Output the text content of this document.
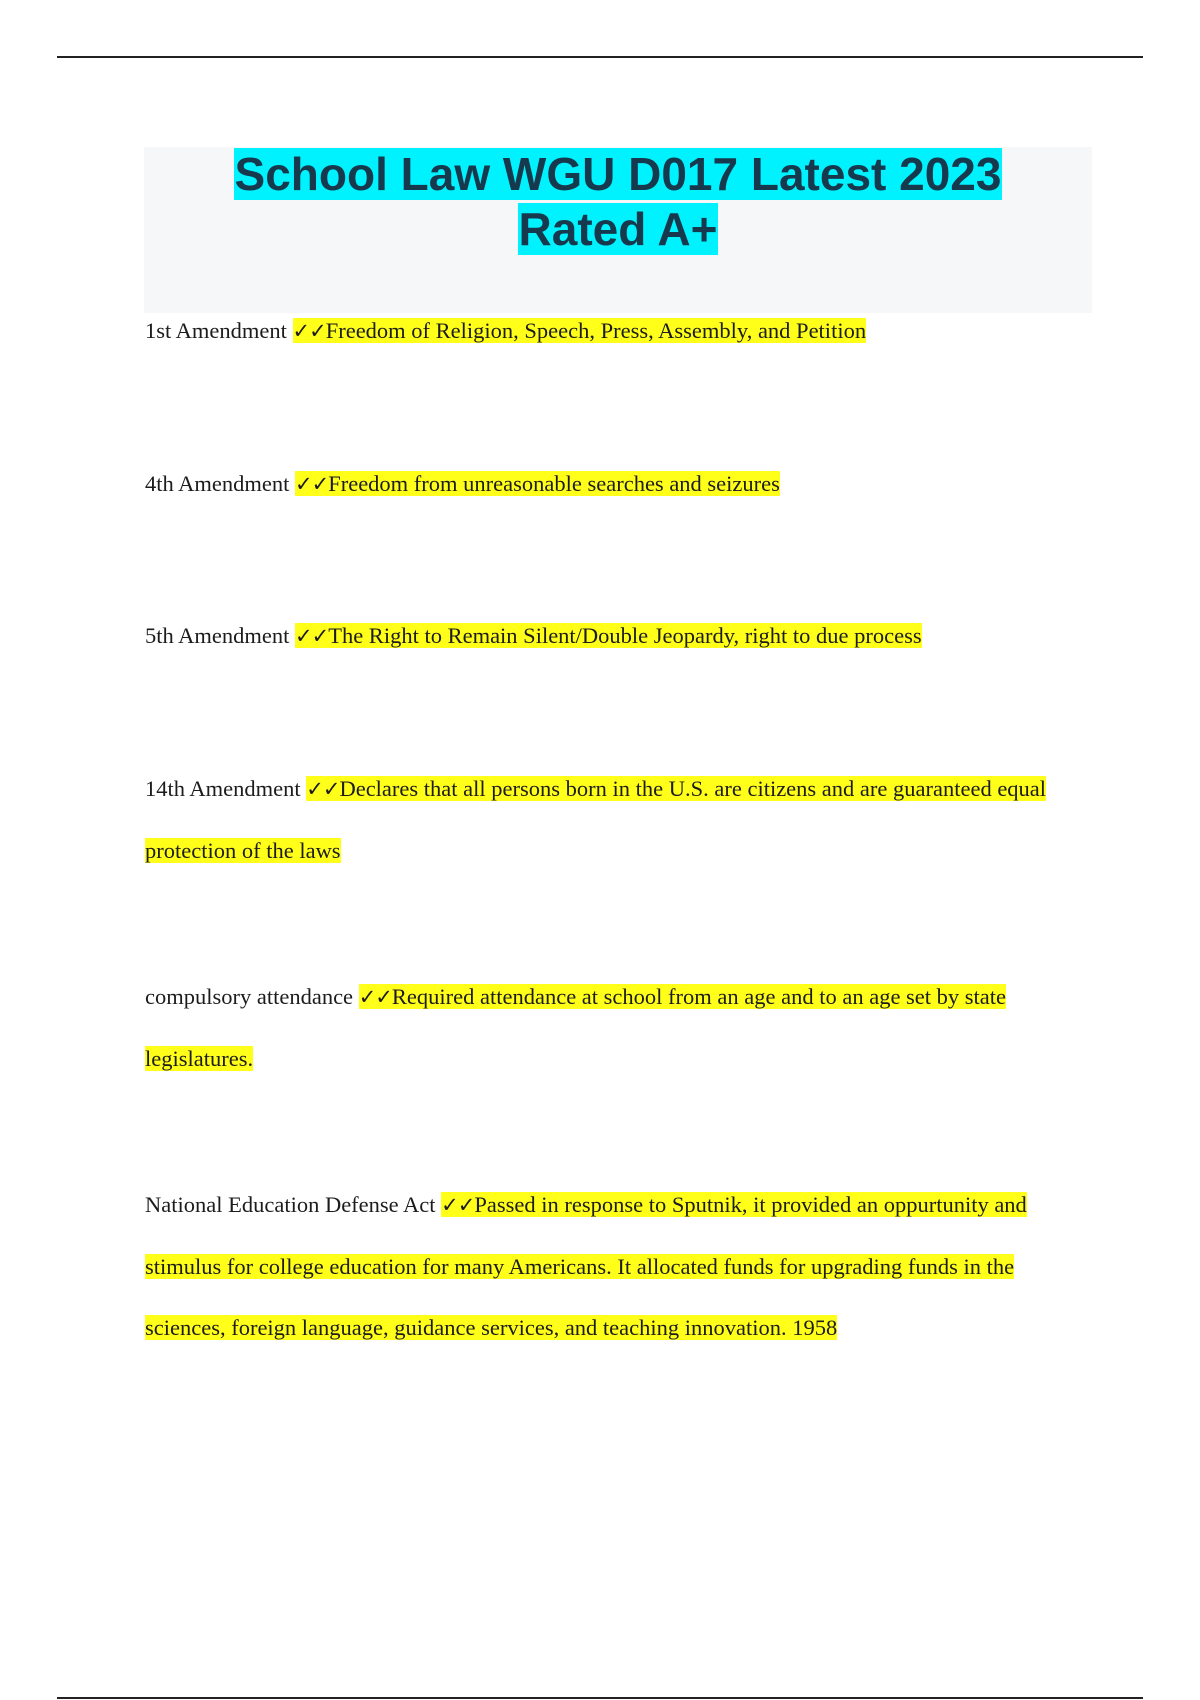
School Law WGU D017 Latest 2023
Rated A+

1st Amendment ✓✓Freedom of Religion, Speech, Press, Assembly, and Petition

4th Amendment ✓✓Freedom from unreasonable searches and seizures

5th Amendment ✓✓The Right to Remain Silent/Double Jeopardy, right to due process

14th Amendment ✓✓Declares that all persons born in the U.S. are citizens and are guaranteed equal protection of the laws

compulsory attendance ✓✓Required attendance at school from an age and to an age set by state legislatures.

National Education Defense Act ✓✓Passed in response to Sputnik, it provided an oppurtunity and stimulus for college education for many Americans. It allocated funds for upgrading funds in the sciences, foreign language, guidance services, and teaching innovation. 1958
